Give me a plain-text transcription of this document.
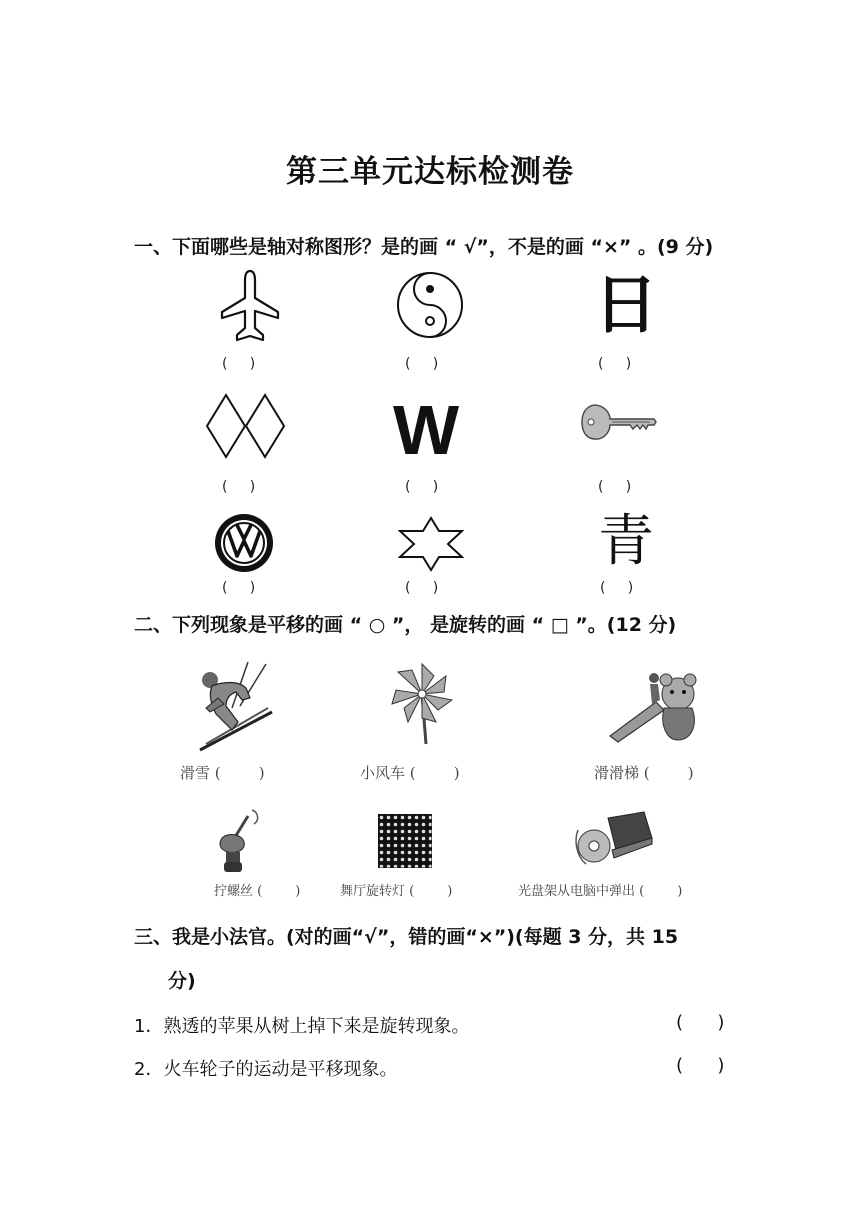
第三单元达标检测卷
一、下面哪些是轴对称图形？是的画 “ √”，不是的画 “×” 。(9 分)
日
(     )	(     )	(     )
W
(     )	(     )	(     )
青
(     )	(     )	(     )
二、下列现象是平移的画 “ ○ ”， 是旋转的画 “ □ ”。(12 分)
滑雪 (        )	小风车 (        )	滑滑梯 (        )
拧螺丝 (        )	舞厅旋转灯 (        )	光盘架从电脑中弹出 (        )
三、我是小法官。(对的画“√”，错的画“×”)(每题 3 分，共 15
分)
1．熟透的苹果从树上掉下来是旋转现象。	(      )
2．火车轮子的运动是平移现象。	(      )
